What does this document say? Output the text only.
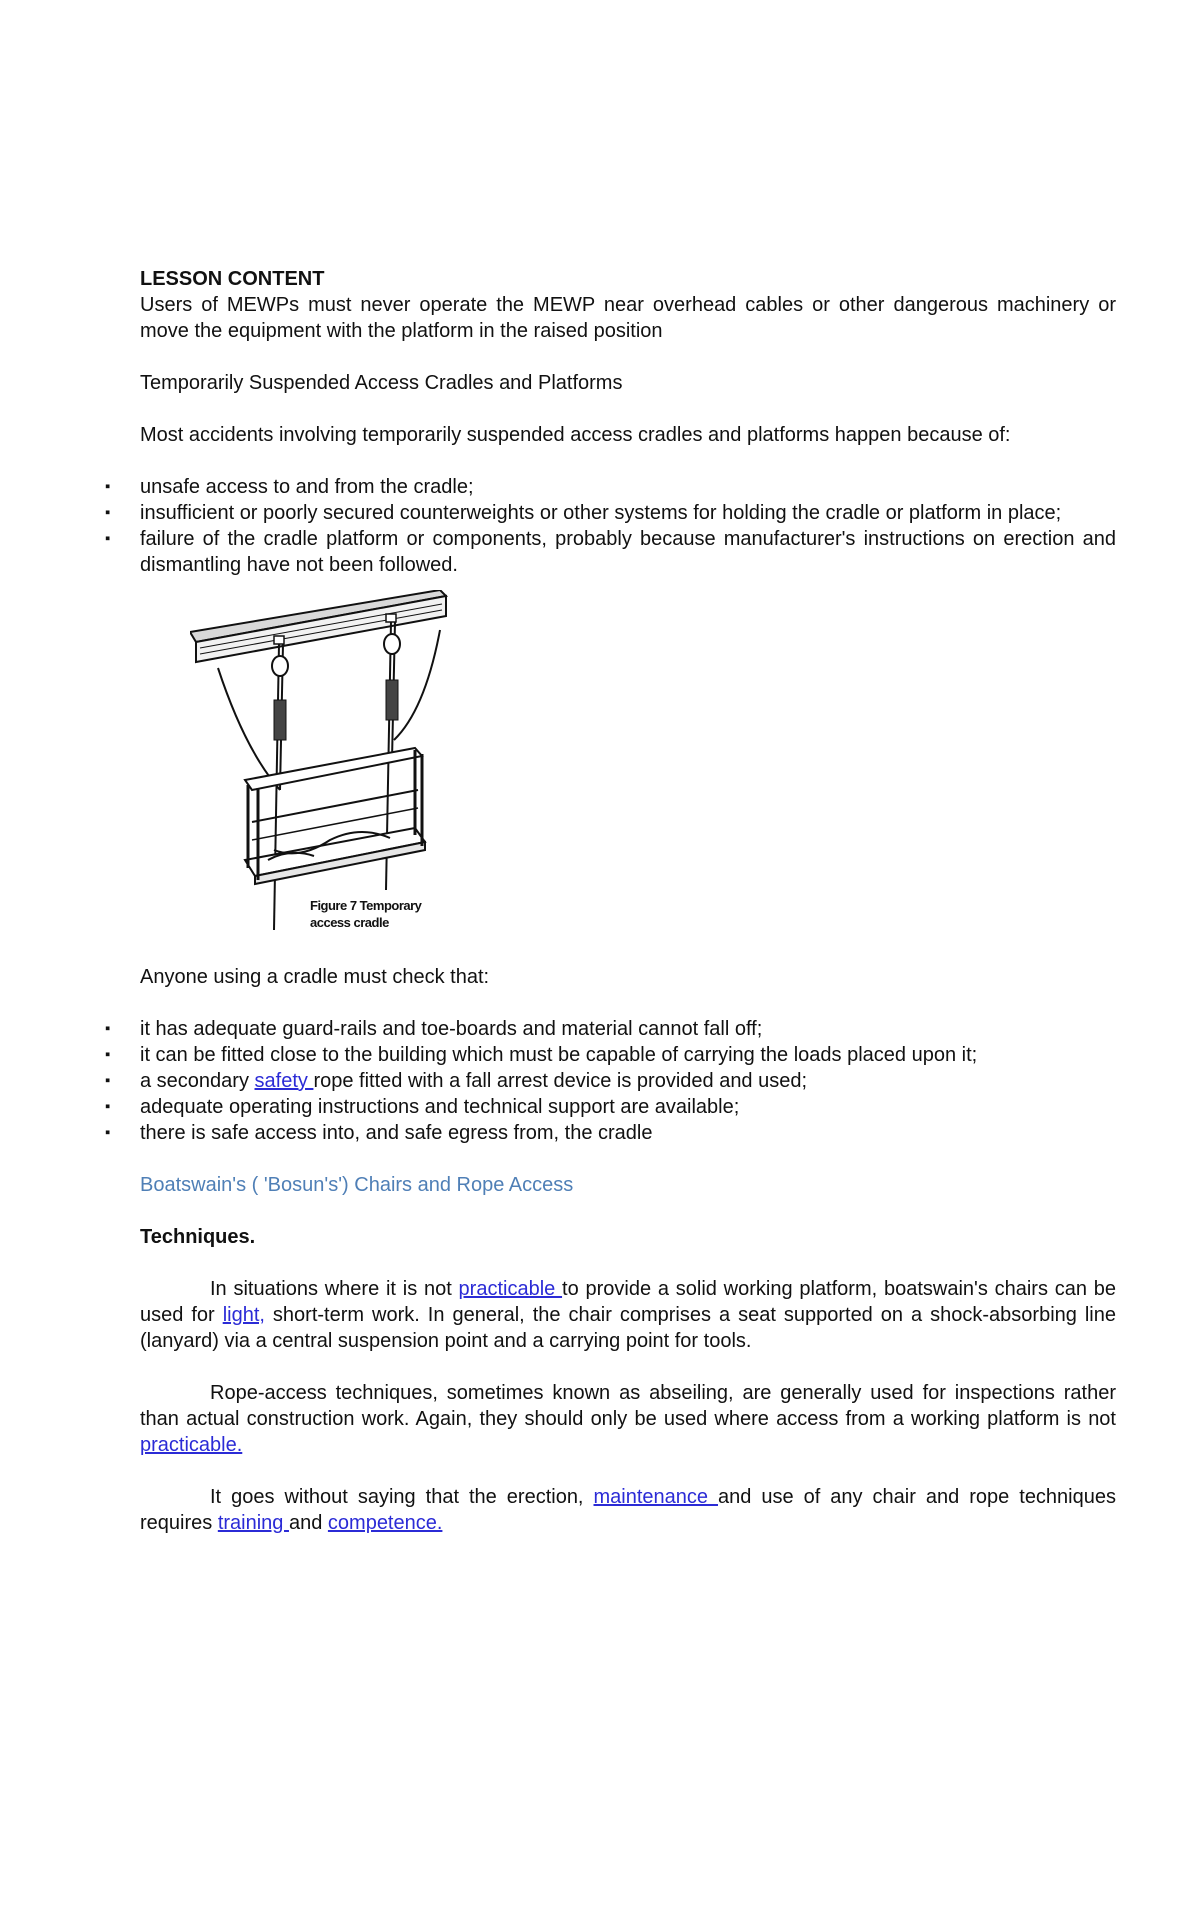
LESSON CONTENT

Users of MEWPs must never operate the MEWP near overhead cables or other dangerous machinery or move the equipment with the platform in the raised position

Temporarily Suspended Access Cradles and Platforms

Most accidents involving temporarily suspended access cradles and platforms happen because of:

▪ unsafe access to and from the cradle;
▪ insufficient or poorly secured counterweights or other systems for holding the cradle or platform in place;
▪ failure of the cradle platform or components, probably because manufacturer's instructions on erection and dismantling have not been followed.
Figure 7 Temporary
access cradle

Anyone using a cradle must check that:

▪ it has adequate guard-rails and toe-boards and material cannot fall off;
▪ it can be fitted close to the building which must be capable of carrying the loads placed upon it;
▪ a secondary safety rope fitted with a fall arrest device is provided and used;
▪ adequate operating instructions and technical support are available;
▪ there is safe access into, and safe egress from, the cradle

Boatswain's ( 'Bosun's') Chairs and Rope Access

Techniques.

In situations where it is not practicable to provide a solid working platform, boatswain's chairs can be used for light, short-term work. In general, the chair comprises a seat supported on a shock-absorbing line (lanyard) via a central suspension point and a carrying point for tools.

Rope-access techniques, sometimes known as abseiling, are generally used for inspections rather than actual construction work. Again, they should only be used where access from a working platform is not practicable.

It goes without saying that the erection, maintenance and use of any chair and rope techniques requires training and competence.
